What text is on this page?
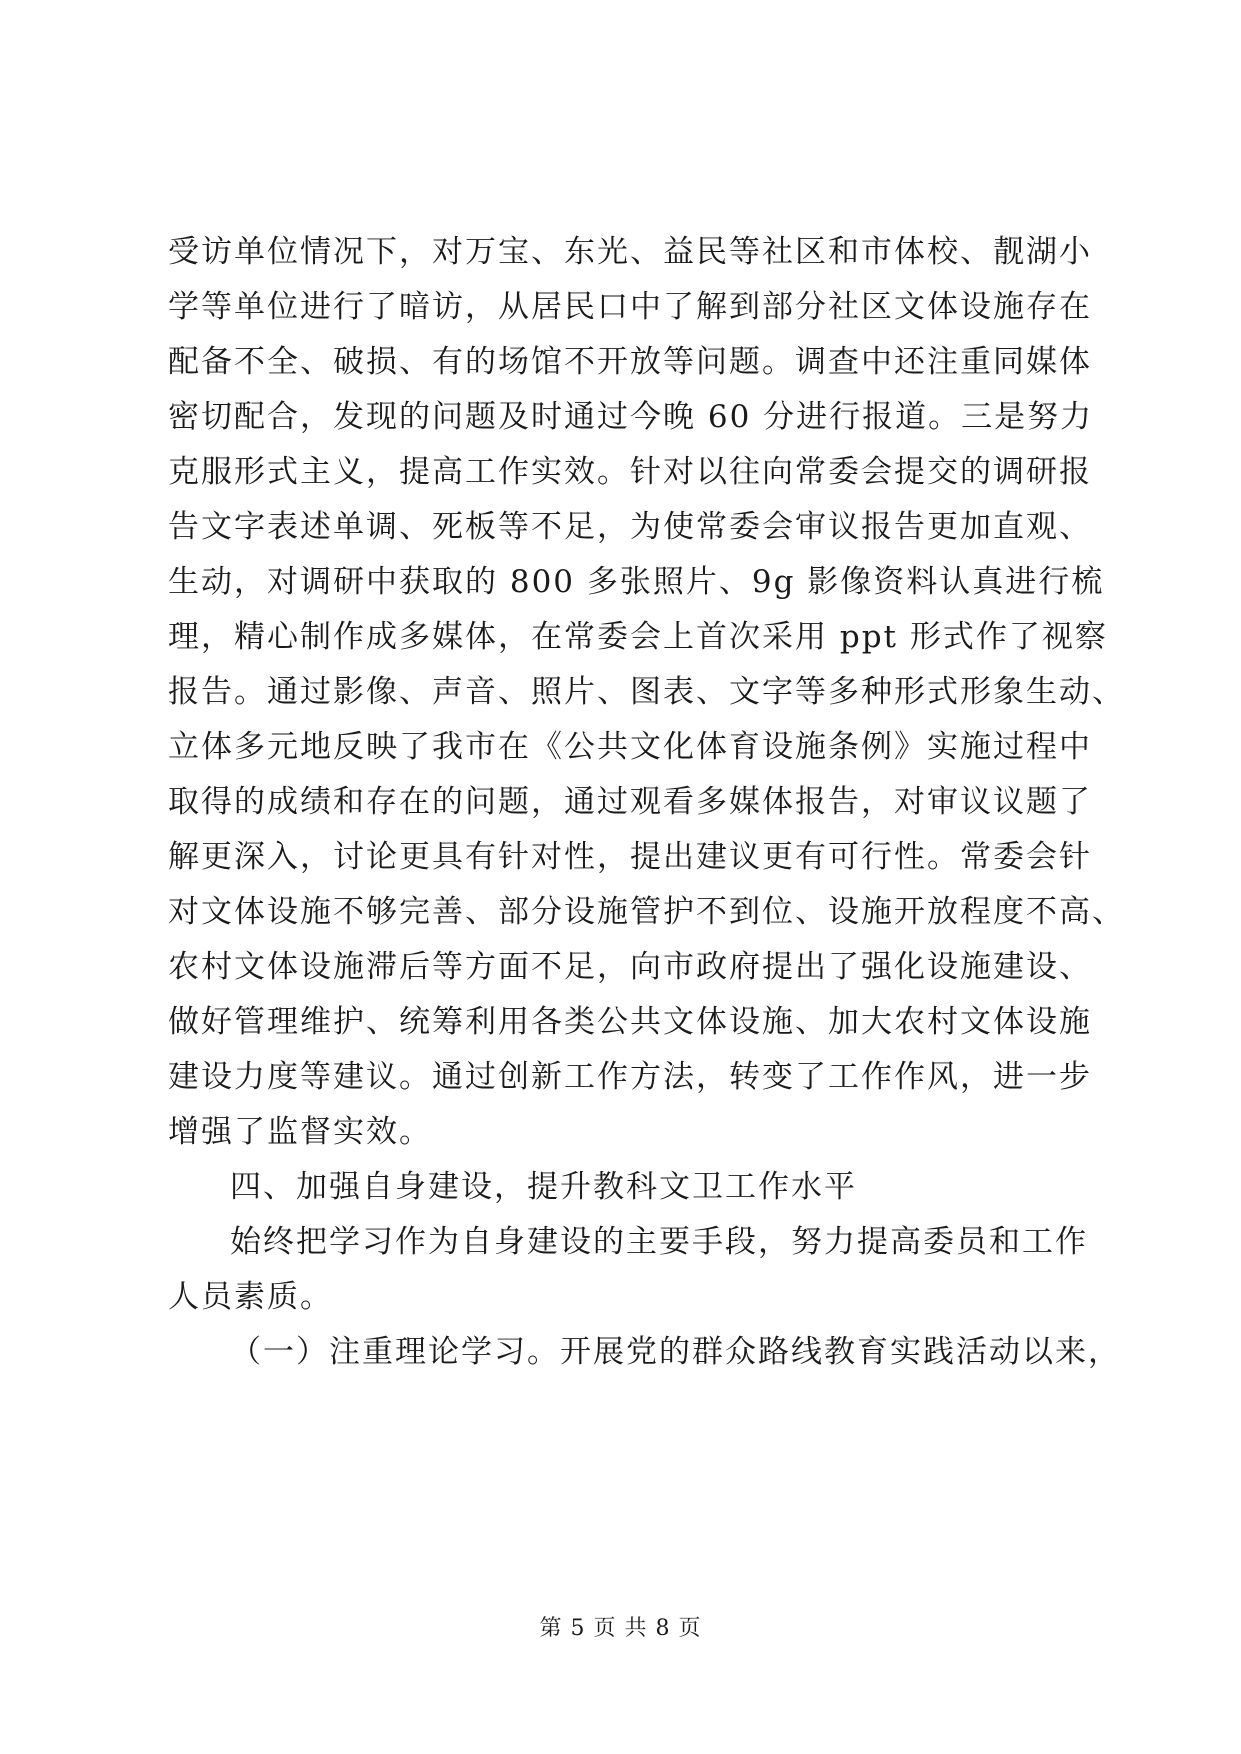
受访单位情况下，对万宝、东光、益民等社区和市体校、靓湖小
学等单位进行了暗访，从居民口中了解到部分社区文体设施存在
配备不全、破损、有的场馆不开放等问题。调查中还注重同媒体
密切配合，发现的问题及时通过今晚 60 分进行报道。三是努力
克服形式主义，提高工作实效。针对以往向常委会提交的调研报
告文字表述单调、死板等不足，为使常委会审议报告更加直观、
生动，对调研中获取的 800 多张照片、9g 影像资料认真进行梳
理，精心制作成多媒体，在常委会上首次采用 ppt 形式作了视察
报告。通过影像、声音、照片、图表、文字等多种形式形象生动、
立体多元地反映了我市在《公共文化体育设施条例》实施过程中
取得的成绩和存在的问题，通过观看多媒体报告，对审议议题了
解更深入，讨论更具有针对性，提出建议更有可行性。常委会针
对文体设施不够完善、部分设施管护不到位、设施开放程度不高、
农村文体设施滞后等方面不足，向市政府提出了强化设施建设、
做好管理维护、统筹利用各类公共文体设施、加大农村文体设施
建设力度等建议。通过创新工作方法，转变了工作作风，进一步
增强了监督实效。
四、加强自身建设，提升教科文卫工作水平
始终把学习作为自身建设的主要手段，努力提高委员和工作
人员素质。
（一）注重理论学习。开展党的群众路线教育实践活动以来，
第 5 页 共 8 页
